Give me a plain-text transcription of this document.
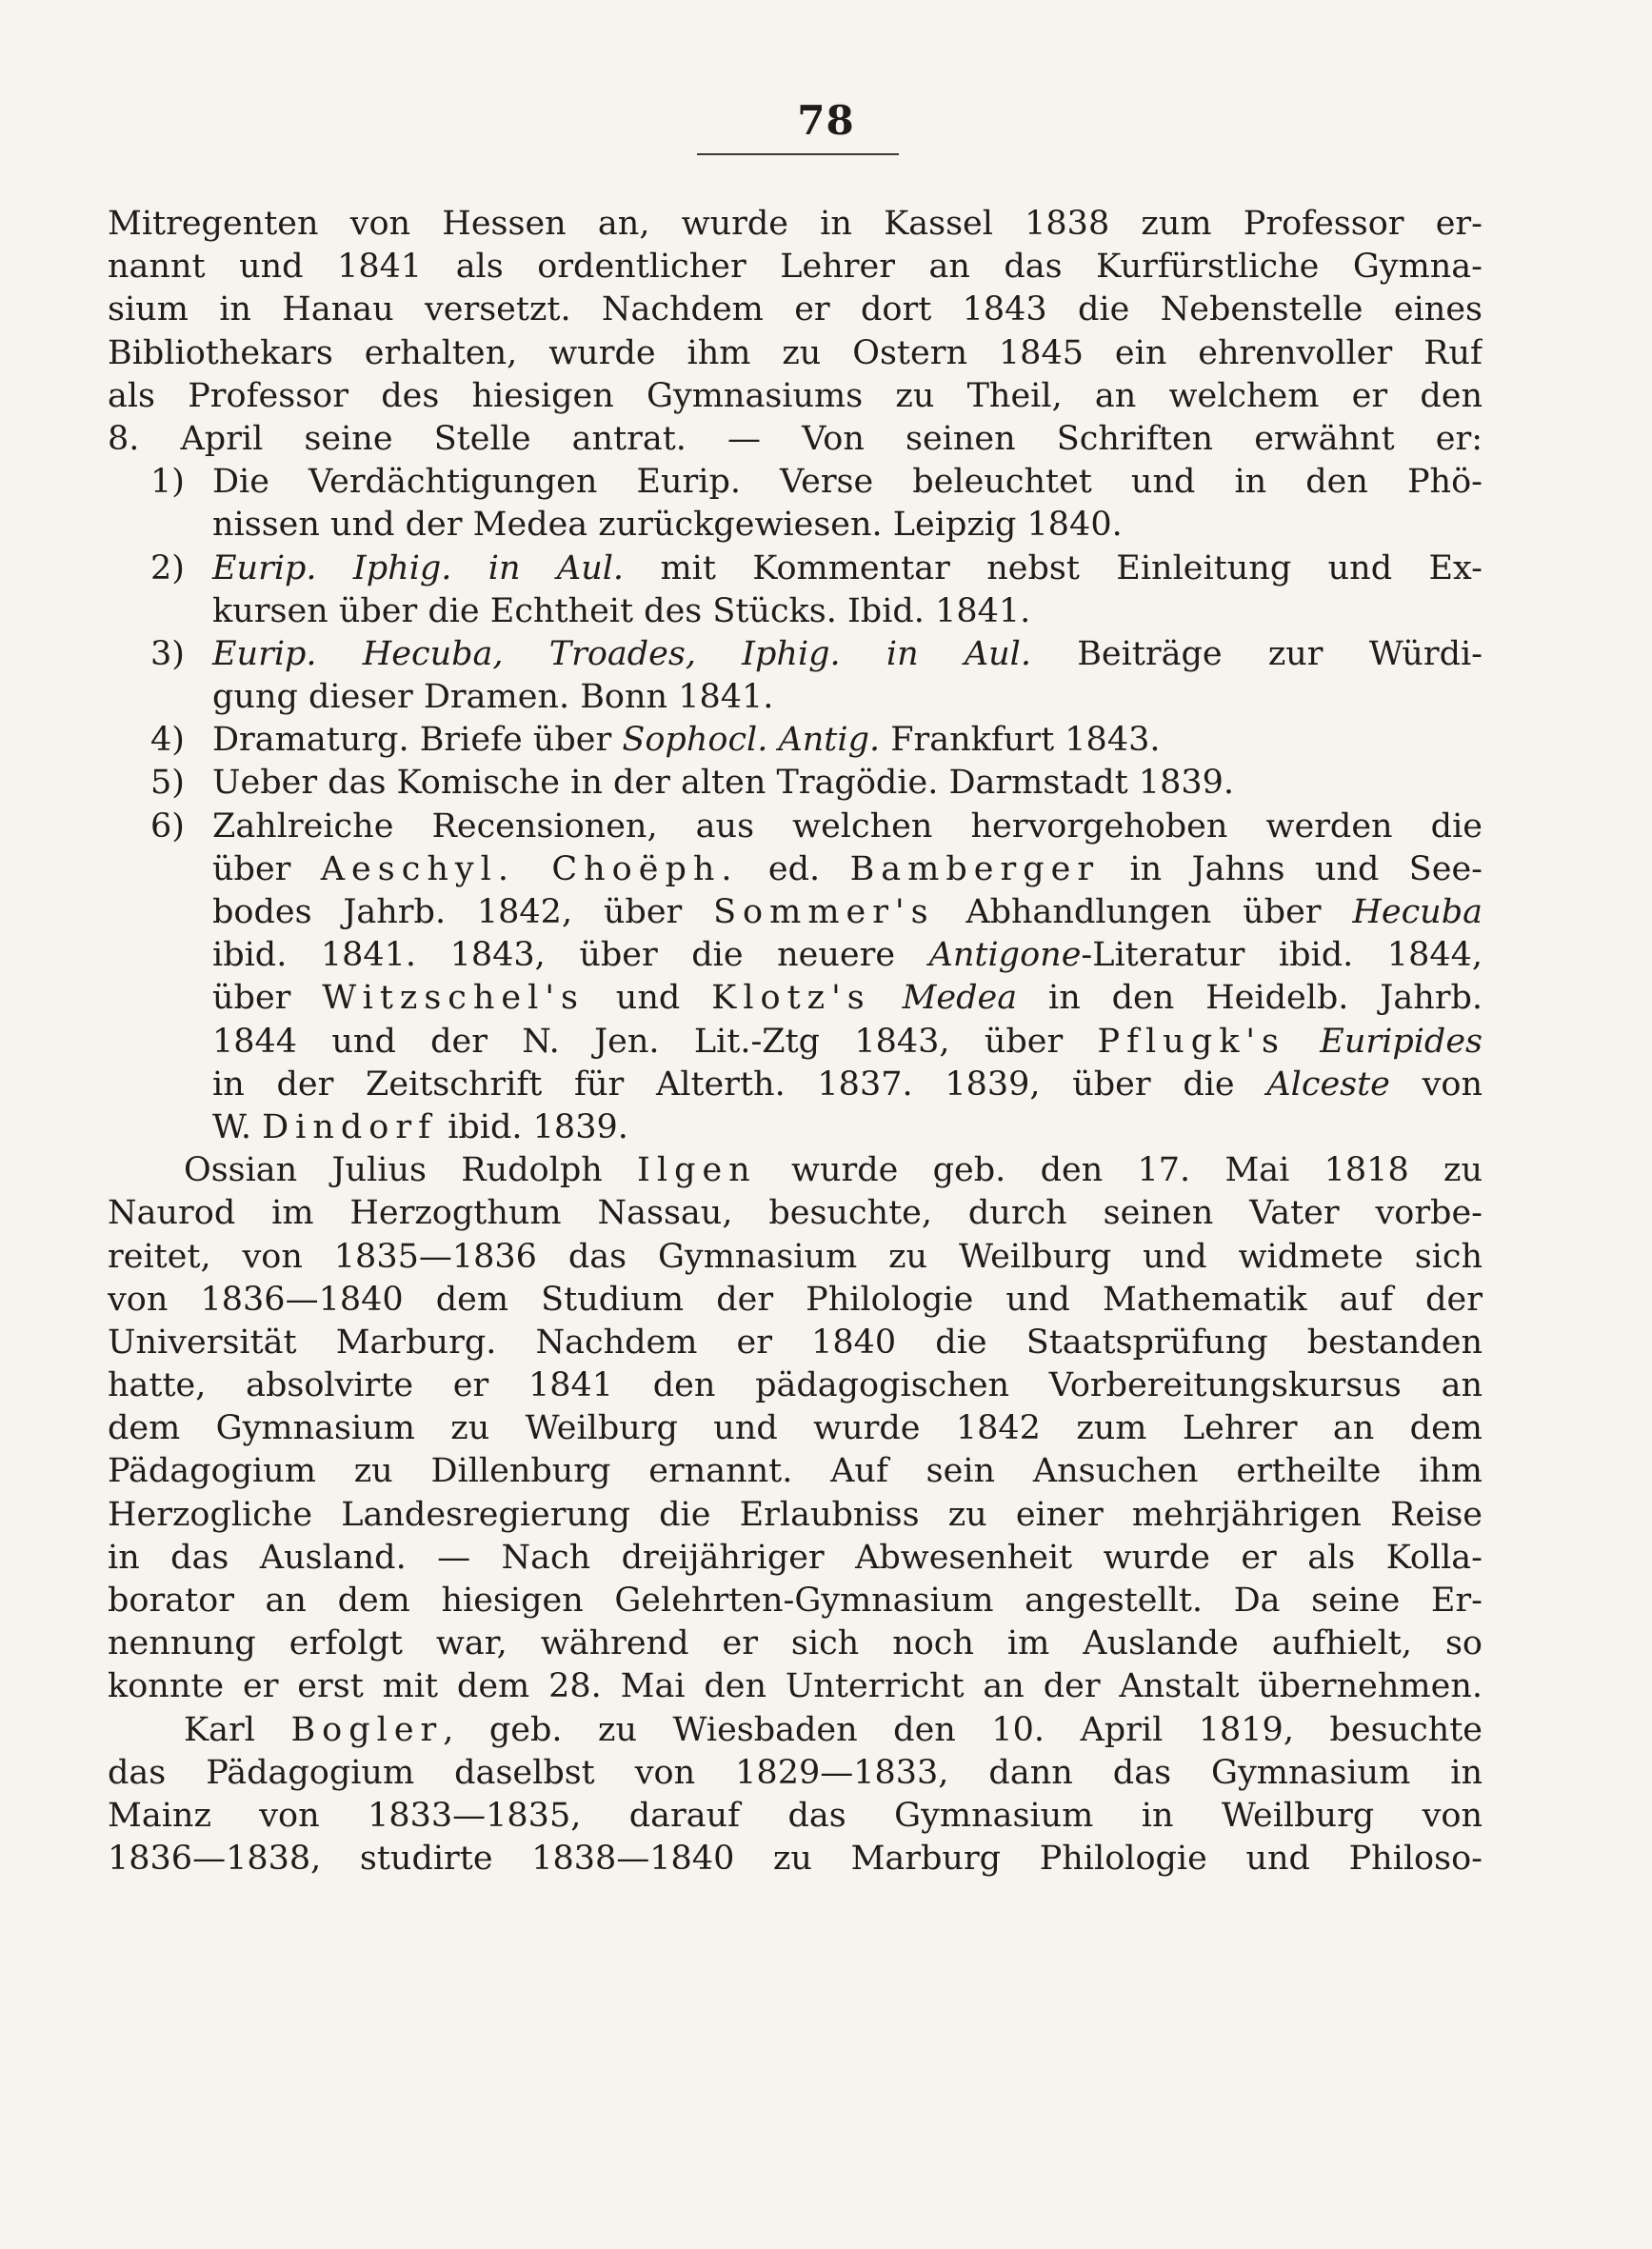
78
Mitregenten von Hessen an, wurde in Kassel 1838 zum Professor er-
nannt und 1841 als ordentlicher Lehrer an das Kurfürstliche Gymna-
sium in Hanau versetzt. Nachdem er dort 1843 die Nebenstelle eines
Bibliothekars erhalten, wurde ihm zu Ostern 1845 ein ehrenvoller Ruf
als Professor des hiesigen Gymnasiums zu Theil, an welchem er den
8. April seine Stelle antrat. — Von seinen Schriften erwähnt er:
1) Die Verdächtigungen Eurip. Verse beleuchtet und in den Phö-
nissen und der Medea zurückgewiesen. Leipzig 1840.
2) Eurip. Iphig. in Aul. mit Kommentar nebst Einleitung und Ex-
kursen über die Echtheit des Stücks. Ibid. 1841.
3) Eurip. Hecuba, Troades, Iphig. in Aul. Beiträge zur Würdi-
gung dieser Dramen. Bonn 1841.
4) Dramaturg. Briefe über Sophocl. Antig. Frankfurt 1843.
5) Ueber das Komische in der alten Tragödie. Darmstadt 1839.
6) Zahlreiche Recensionen, aus welchen hervorgehoben werden die
über Aeschyl. Choëph. ed. Bamberger in Jahns und See-
bodes Jahrb. 1842, über Sommer's Abhandlungen über Hecuba
ibid. 1841. 1843, über die neuere Antigone-Literatur ibid. 1844,
über Witzschel's und Klotz's Medea in den Heidelb. Jahrb.
1844 und der N. Jen. Lit.-Ztg 1843, über Pflugk's Euripides
in der Zeitschrift für Alterth. 1837. 1839, über die Alceste von
W. Dindorf ibid. 1839.
Ossian Julius Rudolph Ilgen wurde geb. den 17. Mai 1818 zu
Naurod im Herzogthum Nassau, besuchte, durch seinen Vater vorbe-
reitet, von 1835—1836 das Gymnasium zu Weilburg und widmete sich
von 1836—1840 dem Studium der Philologie und Mathematik auf der
Universität Marburg. Nachdem er 1840 die Staatsprüfung bestanden
hatte, absolvirte er 1841 den pädagogischen Vorbereitungskursus an
dem Gymnasium zu Weilburg und wurde 1842 zum Lehrer an dem
Pädagogium zu Dillenburg ernannt. Auf sein Ansuchen ertheilte ihm
Herzogliche Landesregierung die Erlaubniss zu einer mehrjährigen Reise
in das Ausland. — Nach dreijähriger Abwesenheit wurde er als Kolla-
borator an dem hiesigen Gelehrten-Gymnasium angestellt. Da seine Er-
nennung erfolgt war, während er sich noch im Auslande aufhielt, so
konnte er erst mit dem 28. Mai den Unterricht an der Anstalt übernehmen.
Karl Bogler, geb. zu Wiesbaden den 10. April 1819, besuchte
das Pädagogium daselbst von 1829—1833, dann das Gymnasium in
Mainz von 1833—1835, darauf das Gymnasium in Weilburg von
1836—1838, studirte 1838—1840 zu Marburg Philologie und Philoso-
